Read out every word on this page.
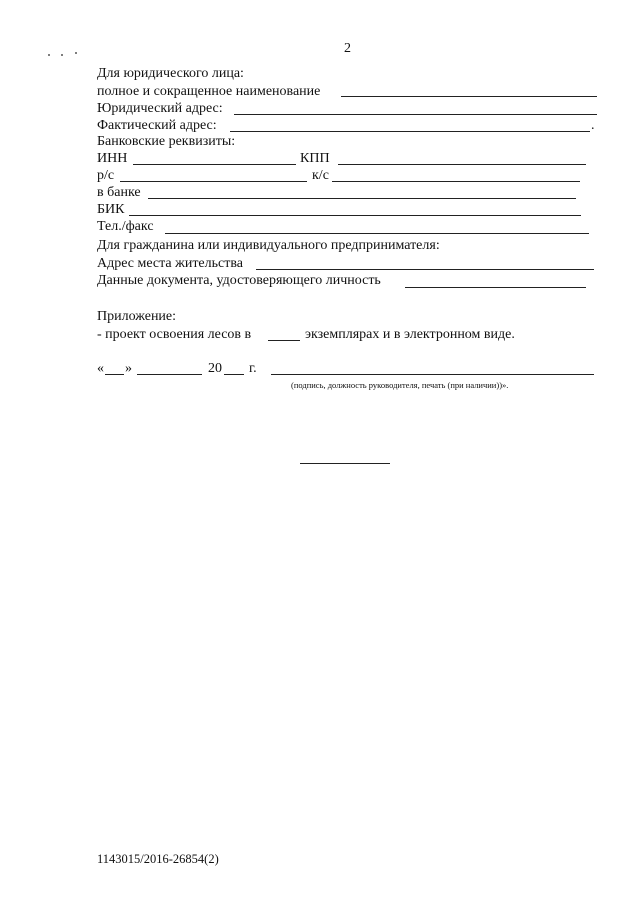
2
Для юридического лица:
полное и сокращенное наименование
Юридический адрес:
Фактический адрес:	.
Банковские реквизиты:
ИНН	КПП
р/с	к/с
в банке
БИК
Тел./факс
Для гражданина или индивидуального предпринимателя:
Адрес места жительства
Данные документа, удостоверяющего личность
Приложение:
- проект освоения лесов в	экземплярах и в электронном виде.
« »	20 г.
(подпись, должность руководителя, печать (при наличии))».
1143015/2016-26854(2)
